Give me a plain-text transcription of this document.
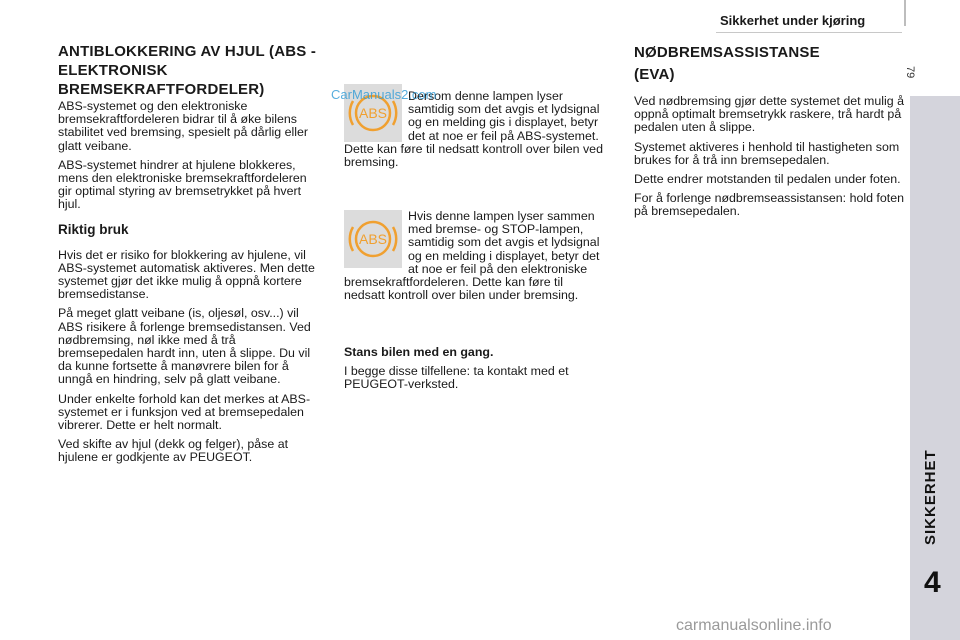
Sikkerhet under kjøring
79
SIKKERHET
4
ANTIBLOKKERING AV HJUL (ABS - ELEKTRONISK BREMSEKRAFTFORDELER)

ABS-systemet og den elektroniske bremsekraftfordeleren bidrar til å øke bilens stabilitet ved bremsing, spesielt på dårlig eller glatt veibane.

ABS-systemet hindrer at hjulene blokkeres, mens den elektroniske bremsekraftfordeleren gir optimal styring av bremsetrykket på hvert hjul.

Riktig bruk

Hvis det er risiko for blokkering av hjulene, vil ABS-systemet automatisk aktiveres. Men dette systemet gjør det ikke mulig å oppnå kortere bremsedistanse.

På meget glatt veibane (is, oljesøl, osv...) vil ABS risikere å forlenge bremsedistansen. Ved nødbremsing, nøl ikke med å trå bremsepedalen hardt inn, uten å slippe. Du vil da kunne fortsette å manøvrere bilen for å unngå en hindring, selv på glatt veibane.

Under enkelte forhold kan det merkes at ABS-systemet er i funksjon ved at bremsepedalen vibrerer. Dette er helt normalt.

Ved skifte av hjul (dekk og felger), påse at hjulene er godkjente av PEUGEOT.

ABS
Dersom denne lampen lyser samtidig som det avgis et lydsignal og en melding gis i displayet, betyr det at noe er feil på ABS-systemet. Dette kan føre til nedsatt kontroll over bilen ved bremsing.
CarManuals2.com
ABS
Hvis denne lampen lyser sammen med bremse- og STOP-lampen, samtidig som det avgis et lydsignal og en melding i displayet, betyr det at noe er feil på den elektroniske bremsekraftfordeleren. Dette kan føre til nedsatt kontroll over bilen under bremsing.
Stans bilen med en gang.
I begge disse tilfellene: ta kontakt med et PEUGEOT-verksted.
NØDBREMSASSISTANSE (EVA)

Ved nødbremsing gjør dette systemet det mulig å oppnå optimalt bremsetrykk raskere, trå hardt på pedalen uten å slippe.

Systemet aktiveres i henhold til hastigheten som brukes for å trå inn bremsepedalen.

Dette endrer motstanden til pedalen under foten.

For å forlenge nødbremseassistansen: hold foten på bremsepedalen.

carmanualsonline.info
